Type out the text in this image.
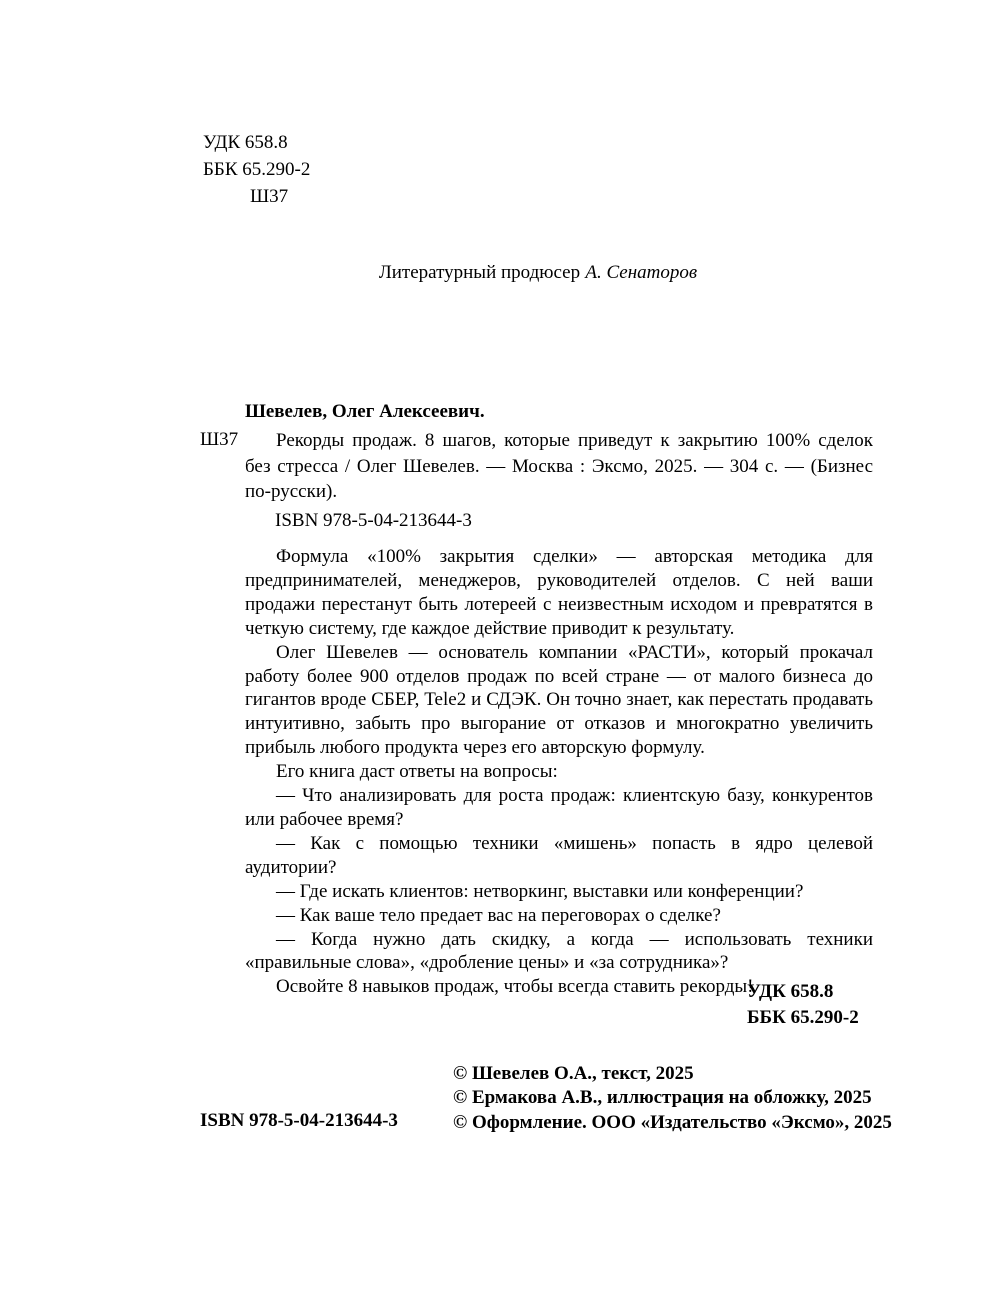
УДК 658.8
ББК 65.290-2
Ш37
Литературный продюсер А. Сенаторов
Шевелев, Олег Алексеевич.
Ш37	Рекорды продаж. 8 шагов, которые приведут к закрытию 100% сделок без стресса / Олег Шевелев. — Москва : Эксмо, 2025. — 304 с. — (Бизнес по-русски).

ISBN 978-5-04-213644-3

Формула «100% закрытия сделки» — авторская методика для предпринимателей, менеджеров, руководителей отделов. С ней ваши продажи перестанут быть лотереей с неизвестным исходом и превратятся в четкую систему, где каждое действие приводит к результату.

Олег Шевелев — основатель компании «РАСТИ», который прокачал работу более 900 отделов продаж по всей стране — от малого бизнеса до гигантов вроде СБЕР, Tele2 и СДЭК. Он точно знает, как перестать продавать интуитивно, забыть про выгорание от отказов и многократно увеличить прибыль любого продукта через его авторскую формулу.

Его книга даст ответы на вопросы:

— Что анализировать для роста продаж: клиентскую базу, конкурентов или рабочее время?

— Как с помощью техники «мишень» попасть в ядро целевой аудитории?

— Где искать клиентов: нетворкинг, выставки или конференции?

— Как ваше тело предает вас на переговорах о сделке?

— Когда нужно дать скидку, а когда — использовать техники «правильные слова», «дробление цены» и «за сотрудника»?

Освойте 8 навыков продаж, чтобы всегда ставить рекорды!

УДК 658.8
ББК 65.290-2
ISBN 978-5-04-213644-3
© Шевелев О.А., текст, 2025
© Ермакова А.В., иллюстрация на обложку, 2025
© Оформление. ООО «Издательство «Эксмо», 2025
